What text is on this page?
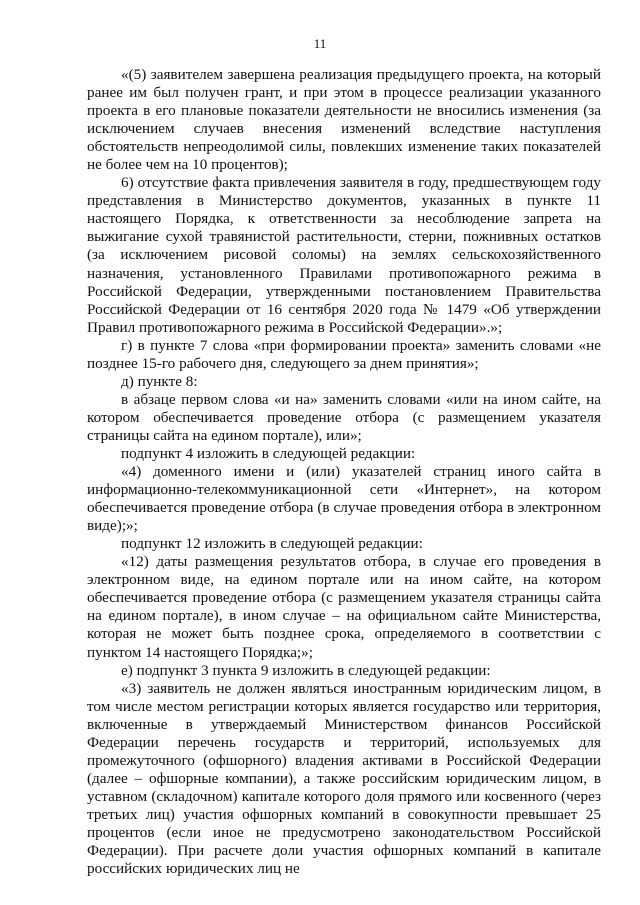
11

«(5) заявителем завершена реализация предыдущего проекта, на который ранее им был получен грант, и при этом в процессе реализации указанного проекта в его плановые показатели деятельности не вносились изменения (за исключением случаев внесения изменений вследствие наступления обстоятельств непреодолимой силы, повлекших изменение таких показателей не более чем на 10 процентов);

6) отсутствие факта привлечения заявителя в году, предшествующем году представления в Министерство документов, указанных в пункте 11 настоящего Порядка, к ответственности за несоблюдение запрета на выжигание сухой травянистой растительности, стерни, пожнивных остатков (за исключением рисовой соломы) на землях сельскохозяйственного назначения, установленного Правилами противопожарного режима в Российской Федерации, утвержденными постановлением Правительства Российской Федерации от 16 сентября 2020 года № 1479 «Об утверждении Правил противопожарного режима в Российской Федерации».»;

г) в пункте 7 слова «при формировании проекта» заменить словами «не позднее 15-го рабочего дня, следующего за днем принятия»;

д) пункте 8:

в абзаце первом слова «и на» заменить словами «или на ином сайте, на котором обеспечивается проведение отбора (с размещением указателя страницы сайта на едином портале), или»;

подпункт 4 изложить в следующей редакции:

«4) доменного имени и (или) указателей страниц иного сайта в информационно-телекоммуникационной сети «Интернет», на котором обеспечивается проведение отбора (в случае проведения отбора в электронном виде);»;

подпункт 12 изложить в следующей редакции:

«12) даты размещения результатов отбора, в случае его проведения в электронном виде, на едином портале или на ином сайте, на котором обеспечивается проведение отбора (с размещением указателя страницы сайта на едином портале), в ином случае – на официальном сайте Министерства, которая не может быть позднее срока, определяемого в соответствии с пунктом 14 настоящего Порядка;»;

е) подпункт 3 пункта 9 изложить в следующей редакции:

«3) заявитель не должен являться иностранным юридическим лицом, в том числе местом регистрации которых является государство или территория, включенные в утверждаемый Министерством финансов Российской Федерации перечень государств и территорий, используемых для промежуточного (офшорного) владения активами в Российской Федерации (далее – офшорные компании), а также российским юридическим лицом, в уставном (складочном) капитале которого доля прямого или косвенного (через третьих лиц) участия офшорных компаний в совокупности превышает 25 процентов (если иное не предусмотрено законодательством Российской Федерации). При расчете доли участия офшорных компаний в капитале российских юридических лиц не
